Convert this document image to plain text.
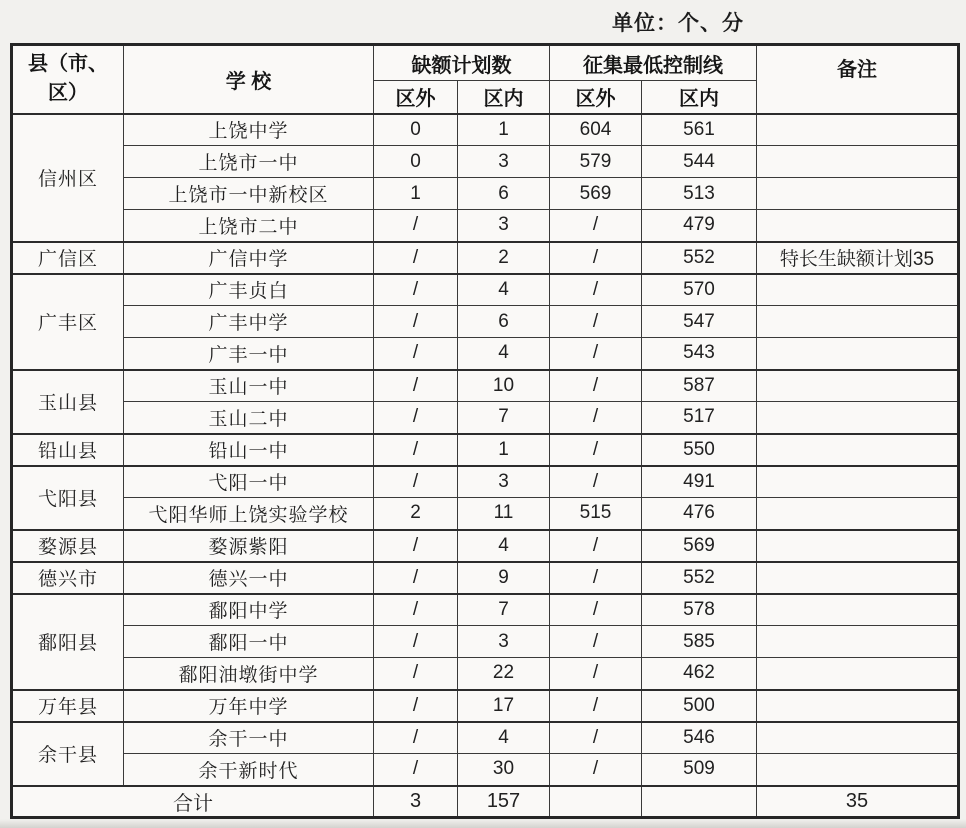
单位：个、分
县（市、区）	学 校	缺额计划数		征集最低控制线		备注
		区外	区内	区外	区内	
信州区	上饶中学	0	1	604	561	
	上饶市一中	0	3	579	544	
	上饶市一中新校区	1	6	569	513	
	上饶市二中	/	3	/	479	
广信区	广信中学	/	2	/	552	特长生缺额计划35
广丰区	广丰贞白	/	4	/	570	
	广丰中学	/	6	/	547	
	广丰一中	/	4	/	543	
玉山县	玉山一中	/	10	/	587	
	玉山二中	/	7	/	517	
铅山县	铅山一中	/	1	/	550	
弋阳县	弋阳一中	/	3	/	491	
	弋阳华师上饶实验学校	2	11	515	476	
婺源县	婺源紫阳	/	4	/	569	
德兴市	德兴一中	/	9	/	552	
鄱阳县	鄱阳中学	/	7	/	578	
	鄱阳一中	/	3	/	585	
	鄱阳油墩街中学	/	22	/	462	
万年县	万年中学	/	17	/	500	
余干县	余干一中	/	4	/	546	
	余干新时代	/	30	/	509	
合计		3	157			35
